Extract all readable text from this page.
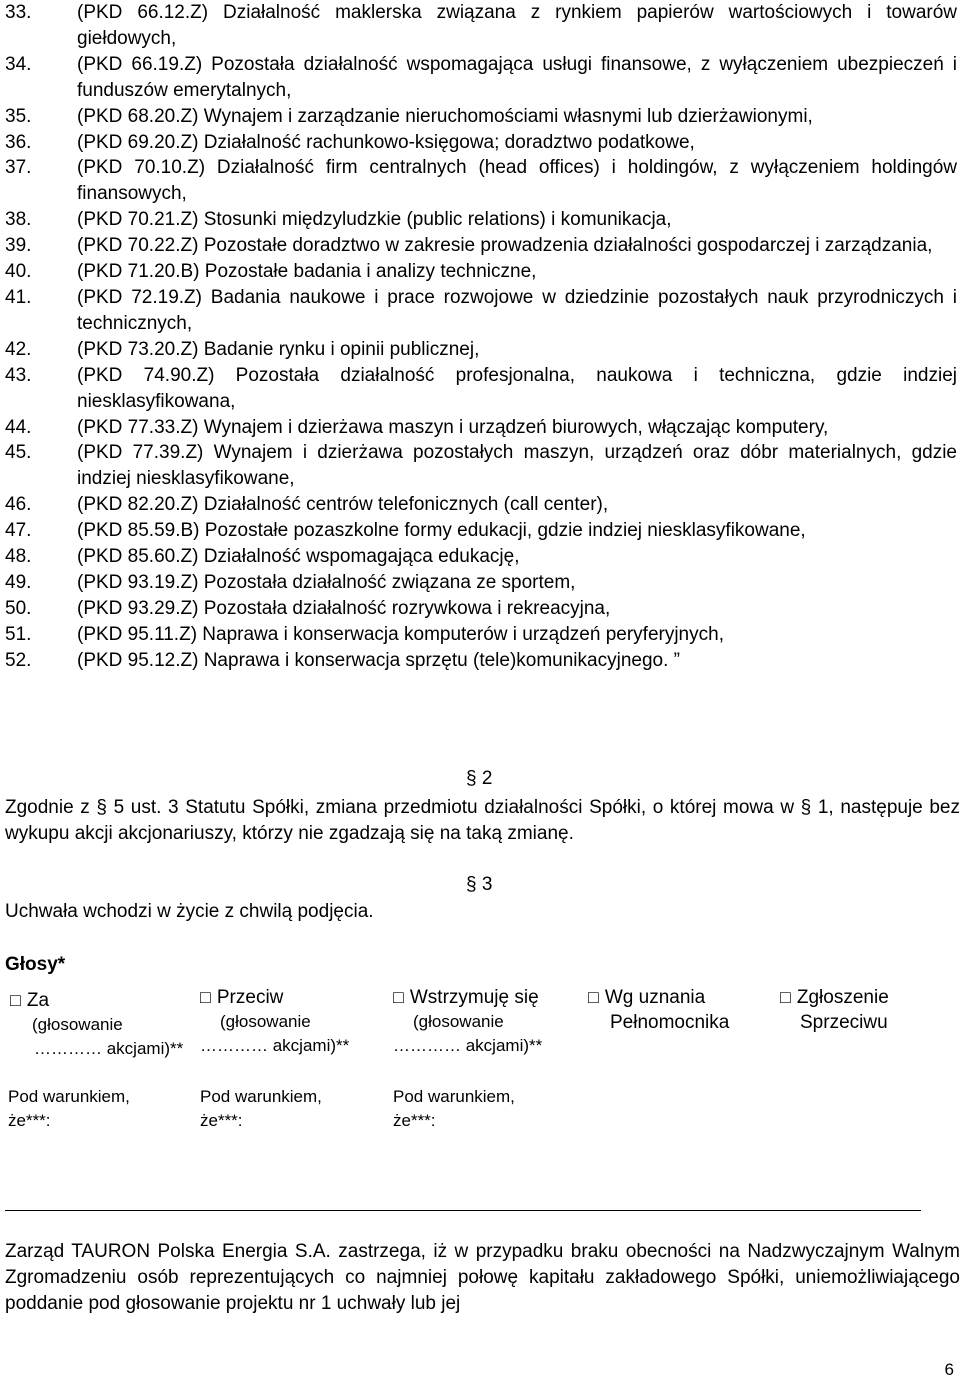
33.	(PKD 66.12.Z) Działalność maklerska związana z rynkiem papierów wartościowych i towarów giełdowych,
34.	(PKD 66.19.Z) Pozostała działalność wspomagająca usługi finansowe, z wyłączeniem ubezpieczeń i funduszów emerytalnych,
35.	(PKD 68.20.Z) Wynajem i zarządzanie nieruchomościami własnymi lub dzierżawionymi,
36.	(PKD 69.20.Z) Działalność rachunkowo-księgowa; doradztwo podatkowe,
37.	(PKD 70.10.Z) Działalność firm centralnych (head offices) i holdingów, z wyłączeniem holdingów finansowych,
38.	(PKD 70.21.Z) Stosunki międzyludzkie (public relations) i komunikacja,
39.	(PKD 70.22.Z) Pozostałe doradztwo w zakresie prowadzenia działalności gospodarczej i zarządzania,
40.	(PKD 71.20.B) Pozostałe badania i analizy techniczne,
41.	(PKD 72.19.Z) Badania naukowe i prace rozwojowe w dziedzinie pozostałych nauk przyrodniczych i technicznych,
42.	(PKD 73.20.Z) Badanie rynku i opinii publicznej,
43.	(PKD 74.90.Z) Pozostała działalność profesjonalna, naukowa i techniczna, gdzie indziej niesklasyfikowana,
44.	(PKD 77.33.Z) Wynajem i dzierżawa maszyn i urządzeń biurowych, włączając komputery,
45.	(PKD 77.39.Z) Wynajem i dzierżawa pozostałych maszyn, urządzeń oraz dóbr materialnych, gdzie indziej niesklasyfikowane,
46.	(PKD 82.20.Z) Działalność centrów telefonicznych (call center),
47.	(PKD 85.59.B) Pozostałe pozaszkolne formy edukacji, gdzie indziej niesklasyfikowane,
48.	(PKD 85.60.Z) Działalność wspomagająca edukację,
49.	(PKD 93.19.Z) Pozostała działalność związana ze sportem,
50.	(PKD 93.29.Z) Pozostała działalność rozrywkowa i rekreacyjna,
51.	(PKD 95.11.Z) Naprawa i konserwacja komputerów i urządzeń peryferyjnych,
52.	(PKD 95.12.Z) Naprawa i konserwacja sprzętu (tele)komunikacyjnego. ”
§ 2
Zgodnie z § 5 ust. 3 Statutu Spółki, zmiana przedmiotu działalności Spółki, o której mowa w § 1, następuje bez wykupu akcji akcjonariuszy, którzy nie zgadzają się na taką zmianę.
§ 3
Uchwała wchodzi w życie z chwilą podjęcia.
Głosy*
□ Za
(głosowanie
………… akcjami)**
□ Przeciw
(głosowanie
………… akcjami)**
□ Wstrzymuję się
(głosowanie
………… akcjami)**
□ Wg uznania
Pełnomocnika
□ Zgłoszenie
Sprzeciwu
Pod warunkiem,
że***:
Pod warunkiem,
że***:
Pod warunkiem,
że***:
Zarząd TAURON Polska Energia S.A. zastrzega, iż w przypadku braku obecności na Nadzwyczajnym Walnym Zgromadzeniu osób reprezentujących co najmniej połowę kapitału zakładowego Spółki, uniemożliwiającego poddanie pod głosowanie projektu nr 1 uchwały lub jej
6
